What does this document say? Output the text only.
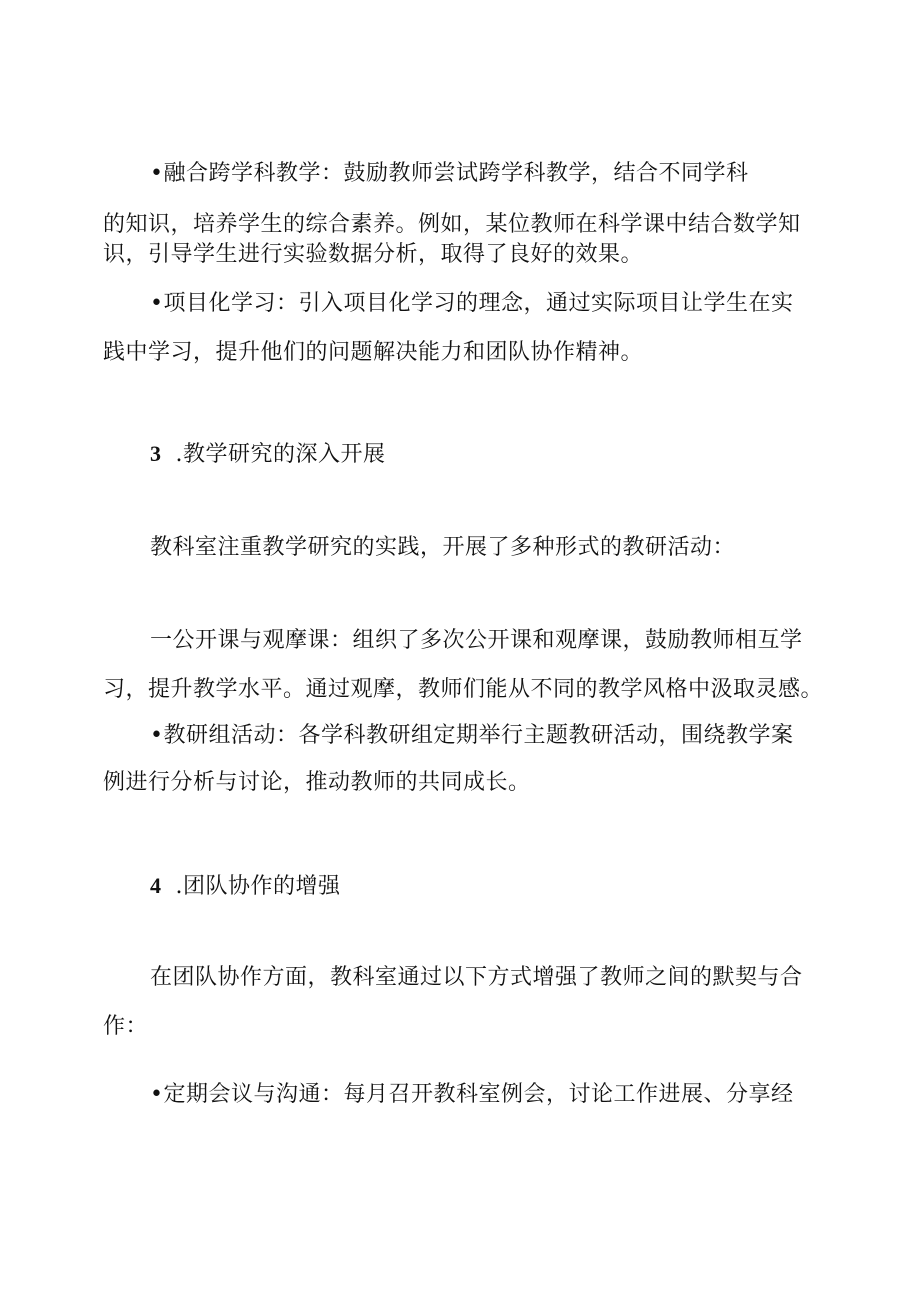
•融合跨学科教学：鼓励教师尝试跨学科教学，结合不同学科
的知识，培养学生的综合素养。例如，某位教师在科学课中结合数学知
识，引导学生进行实验数据分析，取得了良好的效果。
•项目化学习：引入项目化学习的理念，通过实际项目让学生在实
践中学习，提升他们的问题解决能力和团队协作精神。
3 .教学研究的深入开展
教科室注重教学研究的实践，开展了多种形式的教研活动：
一公开课与观摩课：组织了多次公开课和观摩课，鼓励教师相互学
习，提升教学水平。通过观摩，教师们能从不同的教学风格中汲取灵感。
•教研组活动：各学科教研组定期举行主题教研活动，围绕教学案
例进行分析与讨论，推动教师的共同成长。
4 .团队协作的增强
在团队协作方面，教科室通过以下方式增强了教师之间的默契与合
作：
•定期会议与沟通：每月召开教科室例会，讨论工作进展、分享经
